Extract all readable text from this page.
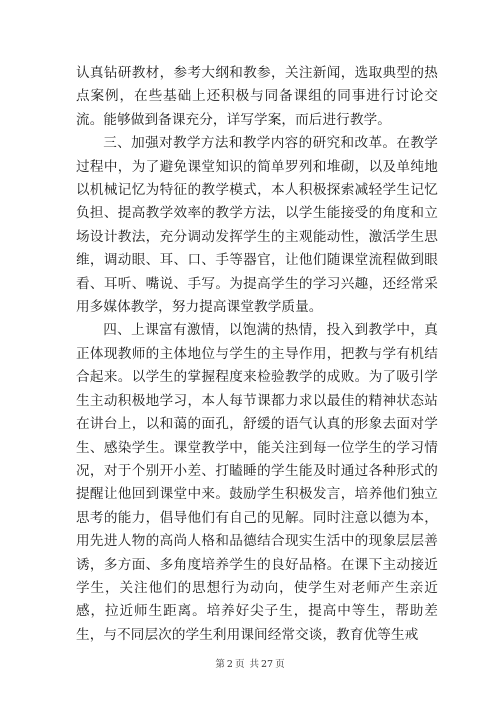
认真钻研教材，参考大纲和教参，关注新闻，选取典型的热点案例，在些基础上还积极与同备课组的同事进行讨论交流。能够做到备课充分，详写学案，而后进行教学。

三、加强对教学方法和教学内容的研究和改革。在教学过程中，为了避免课堂知识的简单罗列和堆砌，以及单纯地以机械记忆为特征的教学模式，本人积极探索减轻学生记忆负担、提高教学效率的教学方法，以学生能接受的角度和立场设计教法，充分调动发挥学生的主观能动性，激活学生思维，调动眼、耳、口、手等器官，让他们随课堂流程做到眼看、耳听、嘴说、手写。为提高学生的学习兴趣，还经常采用多媒体教学，努力提高课堂教学质量。

四、上课富有激情，以饱满的热情，投入到教学中，真正体现教师的主体地位与学生的主导作用，把教与学有机结合起来。以学生的掌握程度来检验教学的成败。为了吸引学生主动积极地学习，本人每节课都力求以最佳的精神状态站在讲台上，以和蔼的面孔，舒缓的语气认真的形象去面对学生、感染学生。课堂教学中，能关注到每一位学生的学习情况，对于个别开小差、打瞌睡的学生能及时通过各种形式的提醒让他回到课堂中来。鼓励学生积极发言，培养他们独立思考的能力，倡导他们有自己的见解。同时注意以德为本，用先进人物的高尚人格和品德结合现实生活中的现象层层善诱，多方面、多角度培养学生的良好品格。在课下主动接近学生，关注他们的思想行为动向，使学生对老师产生亲近感，拉近师生距离。培养好尖子生，提高中等生，帮助差生，与不同层次的学生利用课间经常交谈，教育优等生戒

第 2 页 共 27 页
